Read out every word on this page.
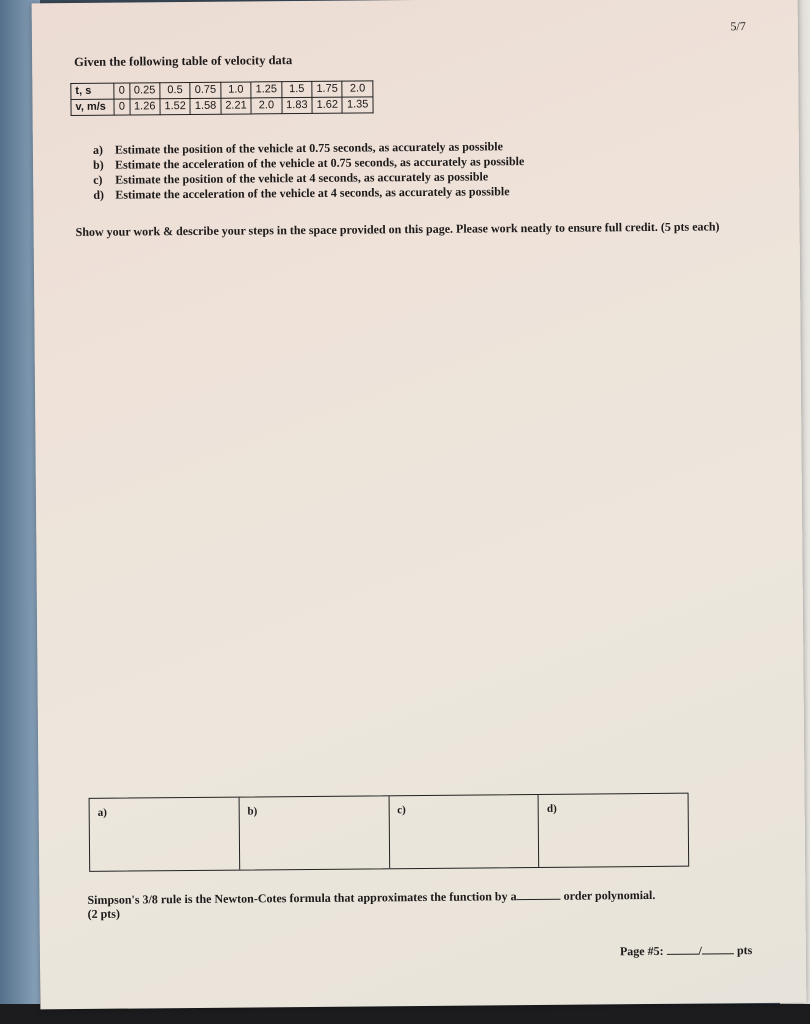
5/7
Given the following table of velocity data
t, s	0	0.25	0.5	0.75	1.0	1.25	1.5	1.75	2.0
v, m/s	0	1.26	1.52	1.58	2.21	2.0	1.83	1.62	1.35
a) Estimate the position of the vehicle at 0.75 seconds, as accurately as possible
b) Estimate the acceleration of the vehicle at 0.75 seconds, as accurately as possible
c)	Estimate the position of the vehicle at 4 seconds, as accurately as possible
d) Estimate the acceleration of the vehicle at 4 seconds, as accurately as possible
Show your work & describe your steps in the space provided on this page. Please work neatly to ensure full credit. (5 pts each)
a)	b)	c)	d)
Simpson's 3/8 rule is the Newton-Cotes formula that approximates the function by a	order polynomial.
(2 pts)
Page #5:	/	pts
